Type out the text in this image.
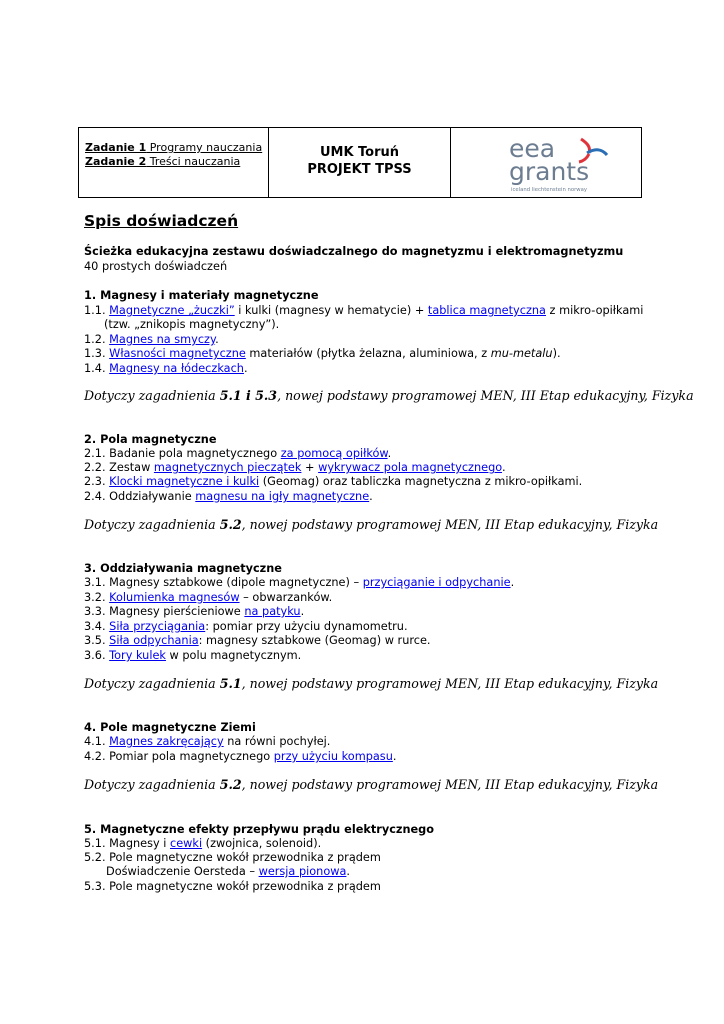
Zadanie 1 Programy nauczania
Zadanie 2 Treści nauczania
UMK Toruń
PROJEKT TPSS
eea
grants
iceland liechtenstein norway
Spis doświadczeń
Ścieżka edukacyjna zestawu doświadczalnego do magnetyzmu i elektromagnetyzmu
40 prostych doświadczeń
1. Magnesy i materiały magnetyczne
1.1. Magnetyczne „żuczki” i kulki (magnesy w hematycie) + tablica magnetyczna z mikro-opiłkami
(tzw. „znikopis magnetyczny”).
1.2. Magnes na smyczy.
1.3. Własności magnetyczne materiałów (płytka żelazna, aluminiowa, z mu-metalu).
1.4. Magnesy na łódeczkach.
Dotyczy zagadnienia 5.1 i 5.3, nowej podstawy programowej MEN, III Etap edukacyjny, Fizyka
2. Pola magnetyczne
2.1. Badanie pola magnetycznego za pomocą opiłków.
2.2. Zestaw magnetycznych pieczątek + wykrywacz pola magnetycznego.
2.3. Klocki magnetyczne i kulki (Geomag) oraz tabliczka magnetyczna z mikro-opiłkami.
2.4. Oddziaływanie magnesu na igły magnetyczne.
Dotyczy zagadnienia 5.2, nowej podstawy programowej MEN, III Etap edukacyjny, Fizyka
3. Oddziaływania magnetyczne
3.1. Magnesy sztabkowe (dipole magnetyczne) – przyciąganie i odpychanie.
3.2. Kolumienka magnesów – obwarzanków.
3.3. Magnesy pierścieniowe na patyku.
3.4. Siła przyciągania: pomiar przy użyciu dynamometru.
3.5. Siła odpychania: magnesy sztabkowe (Geomag) w rurce.
3.6. Tory kulek w polu magnetycznym.
Dotyczy zagadnienia 5.1, nowej podstawy programowej MEN, III Etap edukacyjny, Fizyka
4. Pole magnetyczne Ziemi
4.1. Magnes zakręcający na równi pochyłej.
4.2. Pomiar pola magnetycznego przy użyciu kompasu.
Dotyczy zagadnienia 5.2, nowej podstawy programowej MEN, III Etap edukacyjny, Fizyka
5. Magnetyczne efekty przepływu prądu elektrycznego
5.1. Magnesy i cewki (zwojnica, solenoid).
5.2. Pole magnetyczne wokół przewodnika z prądem
Doświadczenie Oersteda – wersja pionowa.
5.3. Pole magnetyczne wokół przewodnika z prądem
